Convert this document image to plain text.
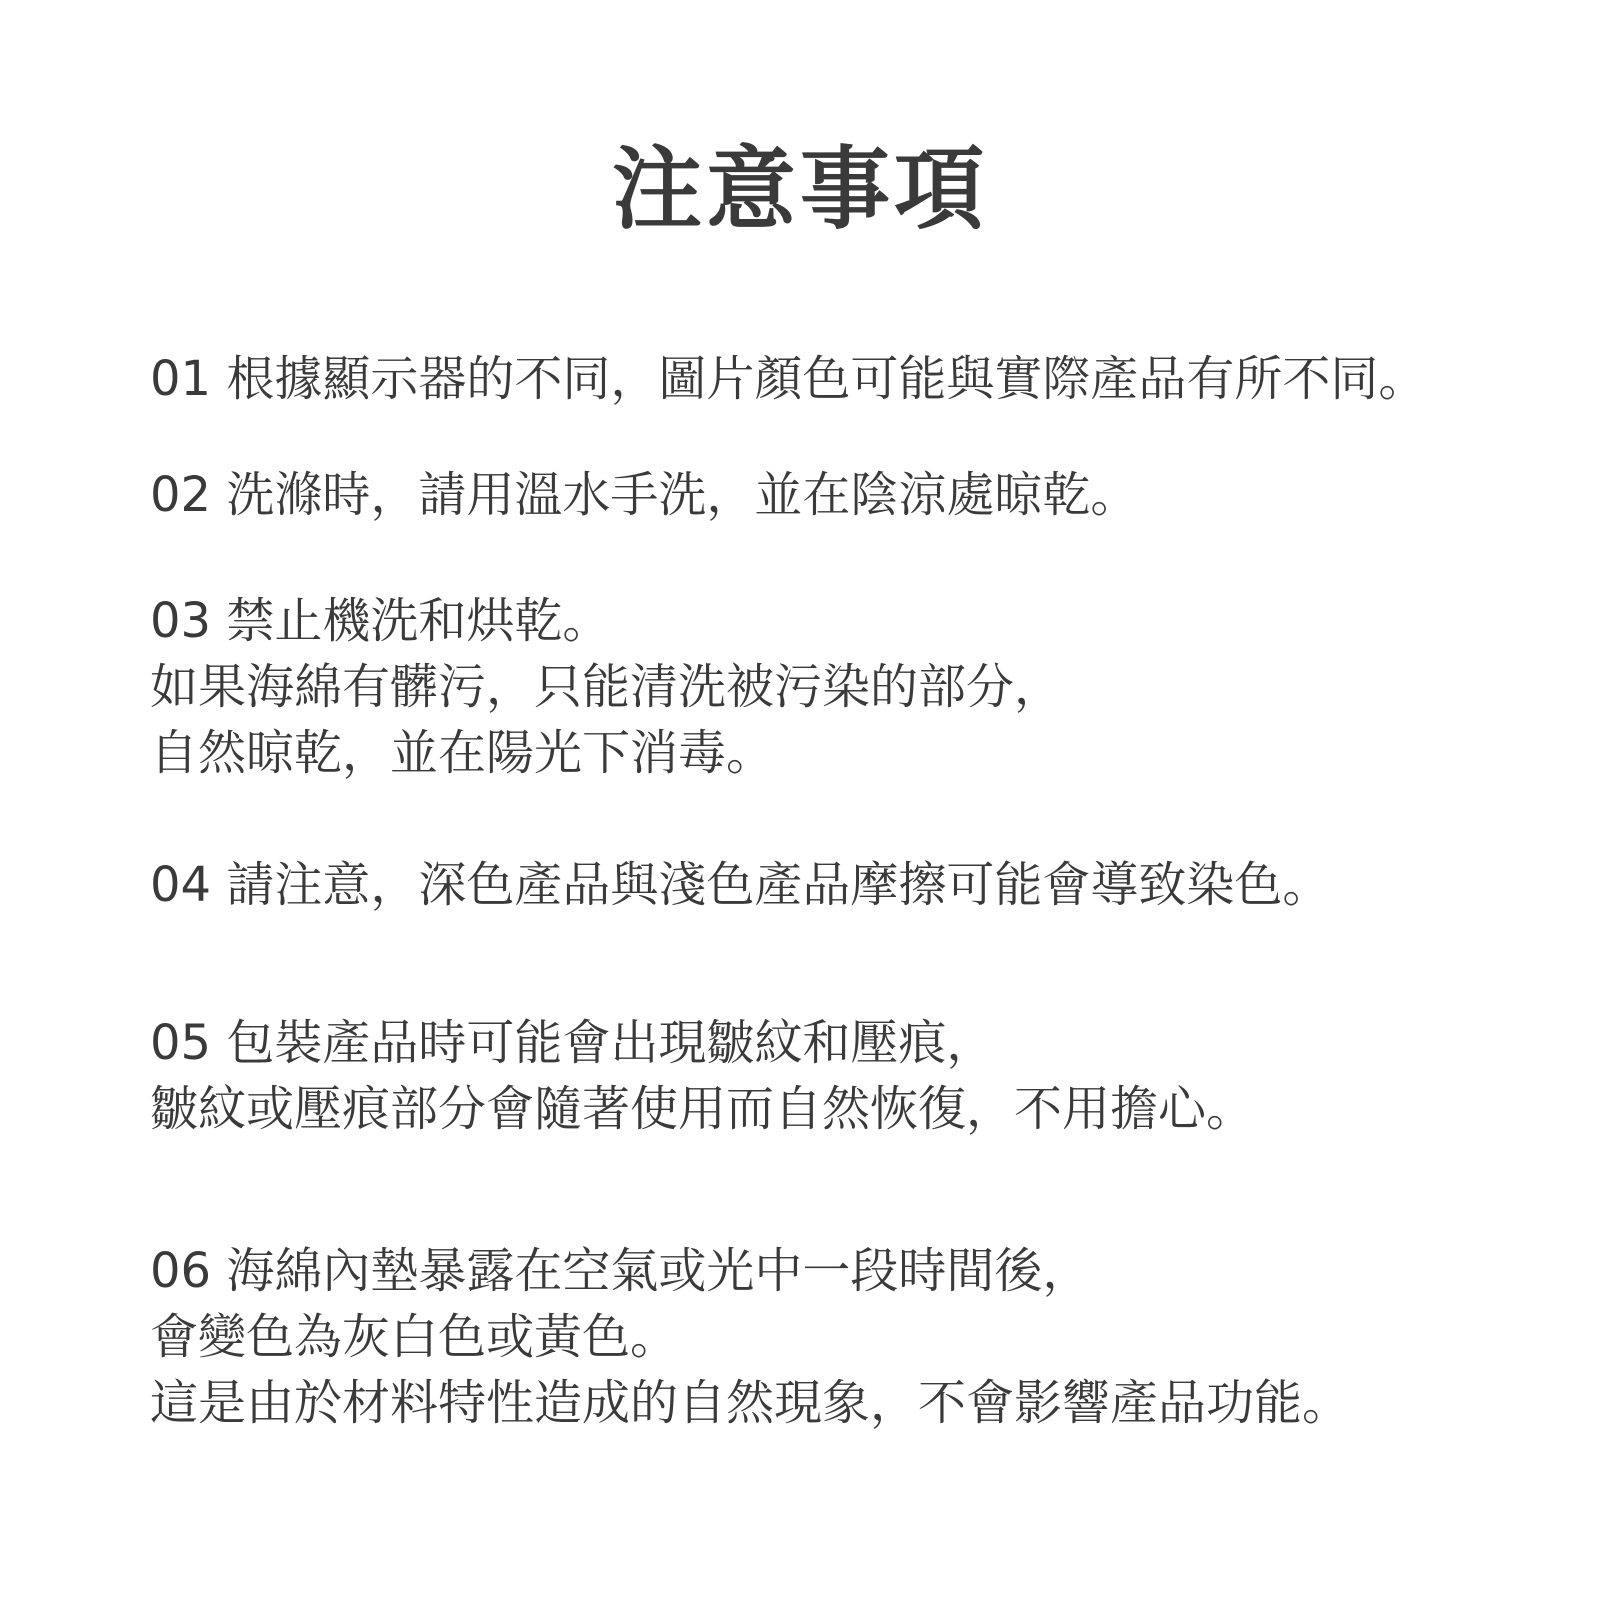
注意事項
01 根據顯示器的不同，圖片顏色可能與實際產品有所不同。
02 洗滌時，請用溫水手洗，並在陰涼處晾乾。
03 禁止機洗和烘乾。
如果海綿有髒污，只能清洗被污染的部分，
自然晾乾，並在陽光下消毒。
04 請注意，深色產品與淺色產品摩擦可能會導致染色。
05 包裝產品時可能會出現皺紋和壓痕，
皺紋或壓痕部分會隨著使用而自然恢復，不用擔心。
06 海綿內墊暴露在空氣或光中一段時間後，
會變色為灰白色或黃色。
這是由於材料特性造成的自然現象，不會影響產品功能。
